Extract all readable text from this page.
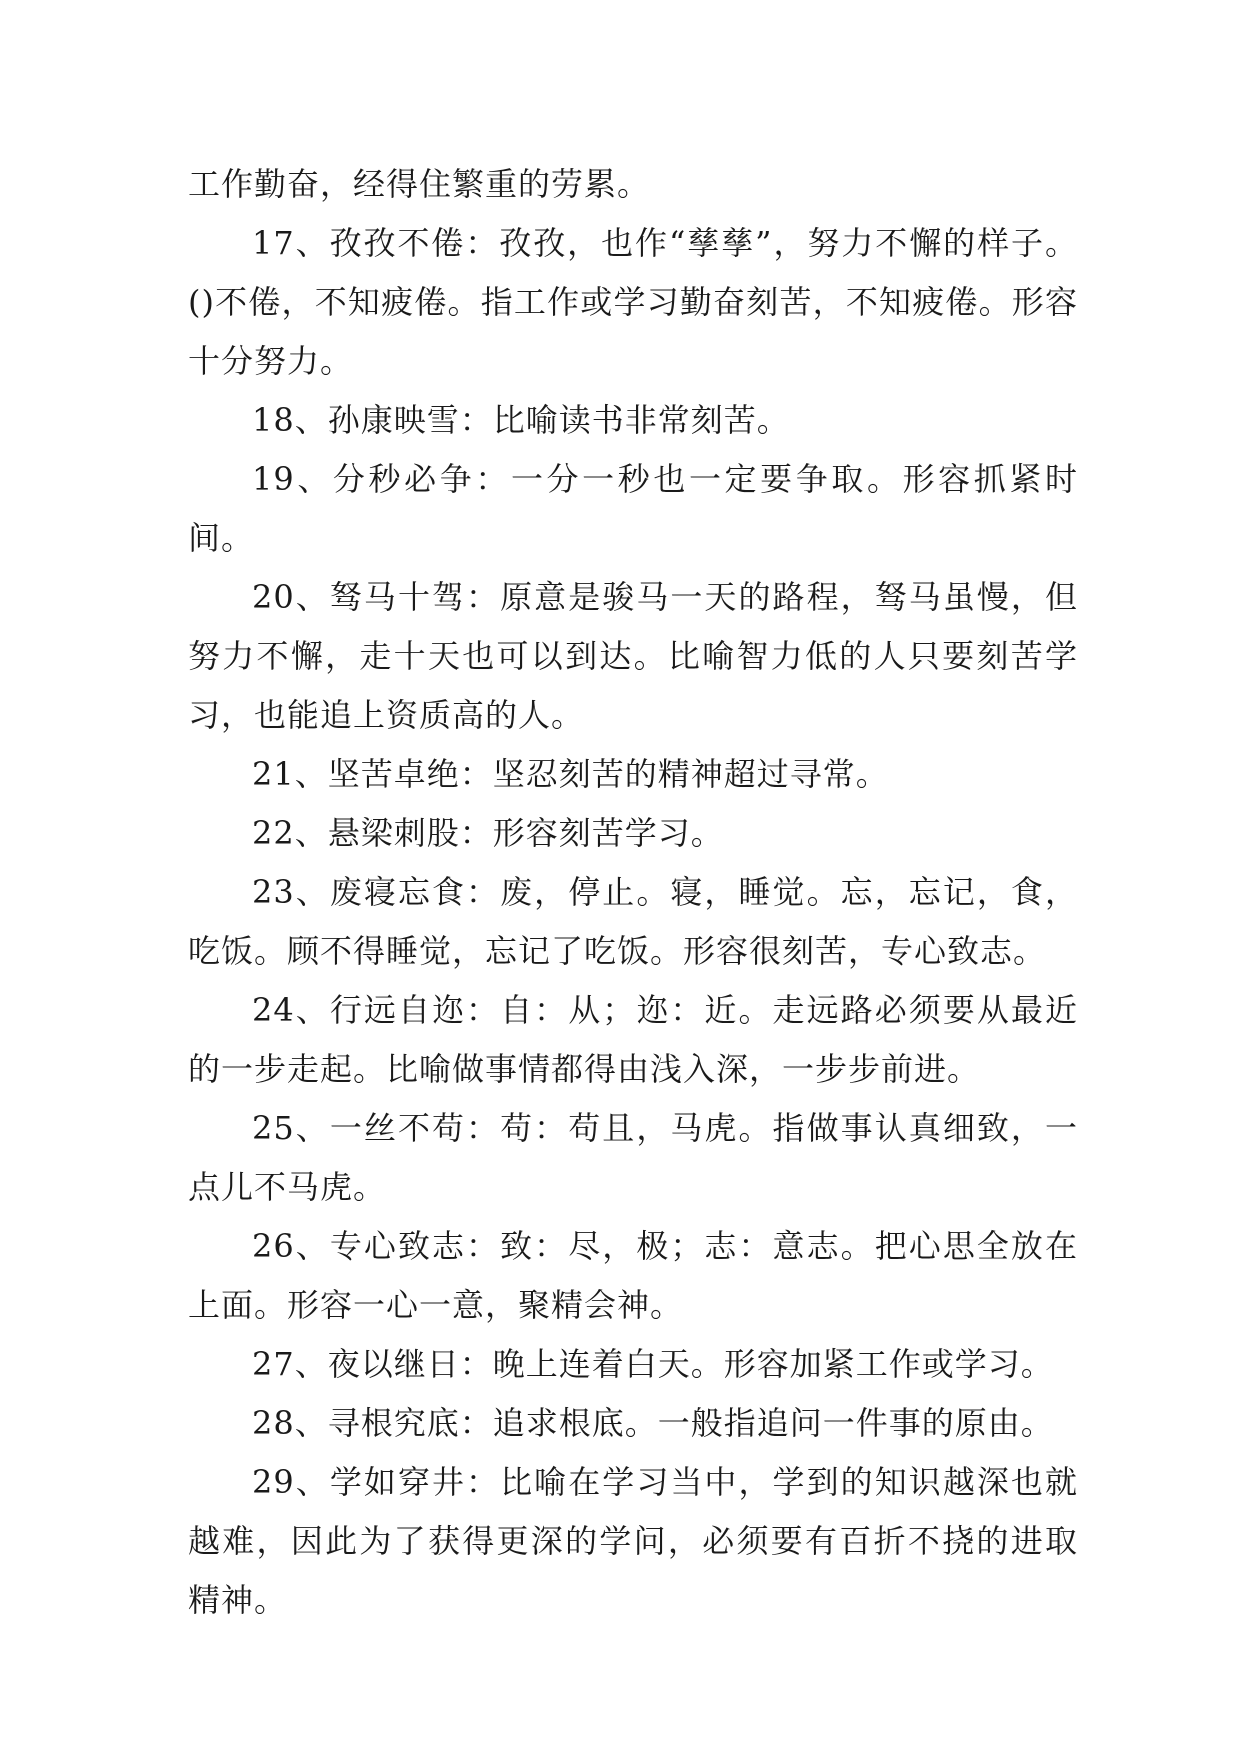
工作勤奋，经得住繁重的劳累。

17、孜孜不倦：孜孜，也作“孳孳”，努力不懈的样子。()不倦，不知疲倦。指工作或学习勤奋刻苦，不知疲倦。形容十分努力。

18、孙康映雪：比喻读书非常刻苦。

19、分秒必争：一分一秒也一定要争取。形容抓紧时间。

20、驽马十驾：原意是骏马一天的路程，驽马虽慢，但努力不懈，走十天也可以到达。比喻智力低的人只要刻苦学习，也能追上资质高的人。

21、坚苦卓绝：坚忍刻苦的精神超过寻常。

22、悬梁刺股：形容刻苦学习。

23、废寝忘食：废，停止。寝，睡觉。忘，忘记，食，吃饭。顾不得睡觉，忘记了吃饭。形容很刻苦，专心致志。

24、行远自迩：自：从；迩：近。走远路必须要从最近的一步走起。比喻做事情都得由浅入深，一步步前进。

25、一丝不苟：苟：苟且，马虎。指做事认真细致，一点儿不马虎。

26、专心致志：致：尽，极；志：意志。把心思全放在上面。形容一心一意，聚精会神。

27、夜以继日：晚上连着白天。形容加紧工作或学习。

28、寻根究底：追求根底。一般指追问一件事的原由。

29、学如穿井：比喻在学习当中，学到的知识越深也就越难，因此为了获得更深的学问，必须要有百折不挠的进取精神。
